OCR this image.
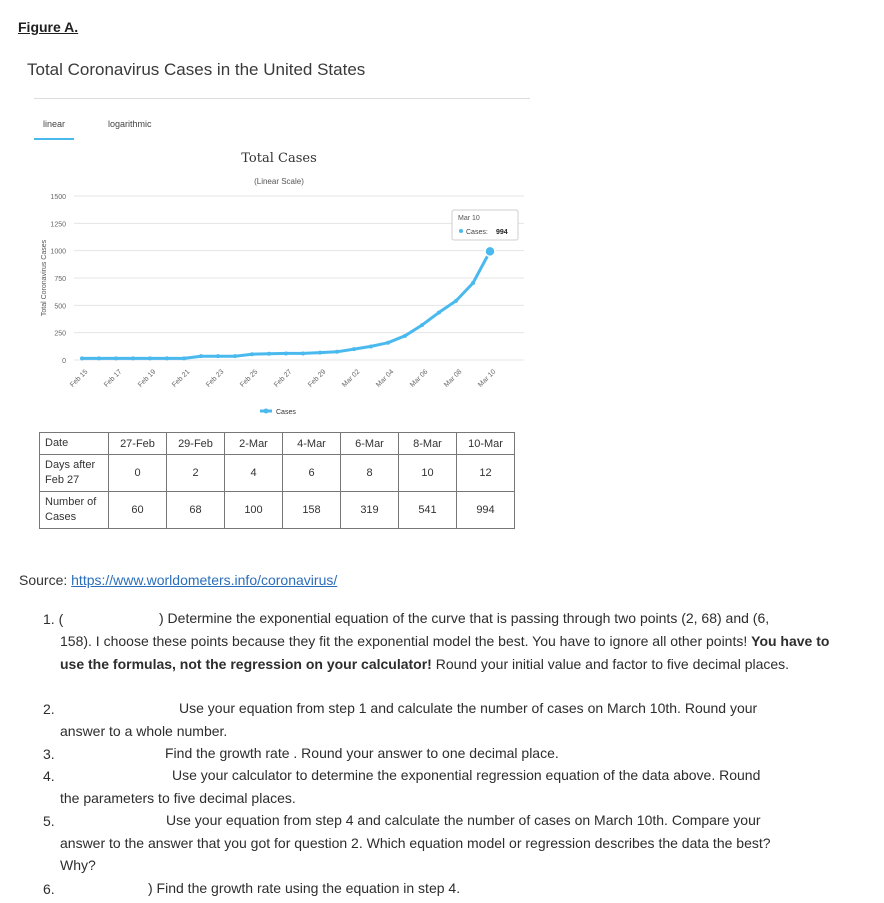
Figure A.
Total Coronavirus Cases in the United States
linear	logarithmic
Total Cases
(Linear Scale)
0
250
500
750
1000
1250
1500
Total Coronavirus Cases
Feb 15 Feb 17 Feb 19 Feb 21 Feb 23 Feb 25 Feb 27 Feb 29 Mar 02 Mar 04 Mar 06 Mar 08 Mar 10
Mar 10
Cases: 994
Cases
Date	27-Feb	29-Feb	2-Mar	4-Mar	6-Mar	8-Mar	10-Mar
Days after Feb 27	0	2	4	6	8	10	12
Number of Cases	60	68	100	158	319	541	994
Source: https://www.worldometers.info/coronavirus/
1. (	) Determine the exponential equation of the curve that is passing through two points (2, 68) and (6,
158). I choose these points because they fit the exponential model the best. You have to ignore all other points! You have to use the formulas, not the regression on your calculator! Round your initial value and factor to five decimal places.
2.	Use your equation from step 1 and calculate the number of cases on March 10th. Round your
answer to a whole number.
3.	Find the growth rate . Round your answer to one decimal place.
4.	Use your calculator to determine the exponential regression equation of the data above. Round
the parameters to five decimal places.
5.	Use your equation from step 4 and calculate the number of cases on March 10th. Compare your
answer to the answer that you got for question 2. Which equation model or regression describes the data the best?
Why?
6.	) Find the growth rate using the equation in step 4.
